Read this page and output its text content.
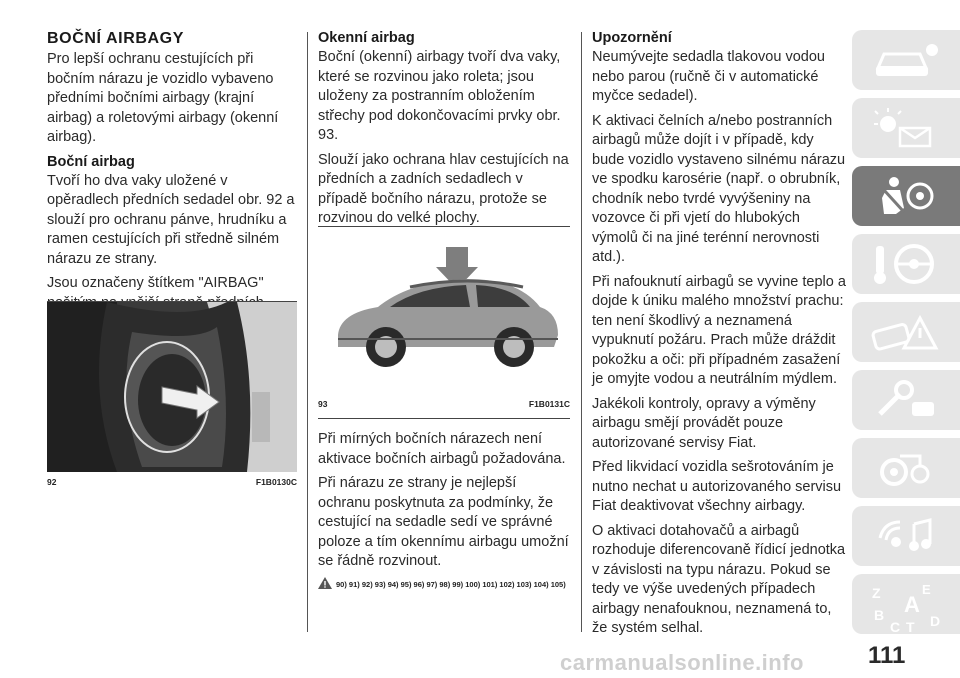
BOČNÍ AIRBAGY

Pro lepší ochranu cestujících při bočním nárazu je vozidlo vybaveno předními bočními airbagy (krajní airbag) a roletovými airbagy (okenní airbag).

Boční airbag

Tvoří ho dva vaky uložené v opěradlech předních sedadel obr. 92 a slouží pro ochranu pánve, hrudníku a ramen cestujících při středně silném nárazu ze strany.

Jsou označeny štítkem "AIRBAG"

92	F1B0130C
Okenní airbag

Boční (okenní) airbagy tvoří dva vaky, které se rozvinou jako roleta; jsou uloženy za postranním obložením střechy pod dokončovacími prvky obr. 93.

Slouží jako ochrana hlav cestujících na předních a zadních sedadlech v případě bočního nárazu, protože se rozvinou do velké plochy.

93	F1B0131C

Při mírných bočních nárazech není aktivace bočních airbagů požadována.

Při nárazu ze strany je nejlepší ochranu poskytnuta za podmínky, že cestující na sedadle sedí ve správné poloze a tím okennímu airbagu umožní se řádně rozvinout.

90) 91) 92) 93) 94) 95) 96) 97) 98) 99) 100) 101) 102) 103) 104) 105)
Upozornění

Neumývejte sedadla tlakovou vodou nebo parou (ručně či v automatické myčce sedadel).

K aktivaci čelních a/nebo postranních airbagů může dojít i v případě, kdy bude vozidlo vystaveno silnému nárazu ve spodku karosérie (např. o obrubník, chodník nebo tvrdé vyvýšeniny na vozovce či při vjetí do hlubokých výmolů či na jiné terénní nerovnosti atd.).

Při nafouknutí airbagů se vyvine teplo a dojde k úniku malého množství prachu: ten není škodlivý a neznamená vypuknutí požáru. Prach může dráždit pokožku a oči: při případném zasažení je omyjte vodou a neutrálním mýdlem.

Jakékoli kontroly, opravy a výměny airbagu smějí provádět pouze autorizované servisy Fiat.

Před likvidací vozidla sešrotováním je nutno nechat u autorizovaného servisu Fiat deaktivovat všechny airbagy.

O aktivaci dotahovačů a airbagů rozhoduje diferencovaně řídicí jednotka v závislosti na typu nárazu. Pokud se tedy ve výše uvedených případech airbagy nenafouknou, neznamená to, že systém selhal.

Z	E
A
B
C T D
111
carmanualsonline.info
